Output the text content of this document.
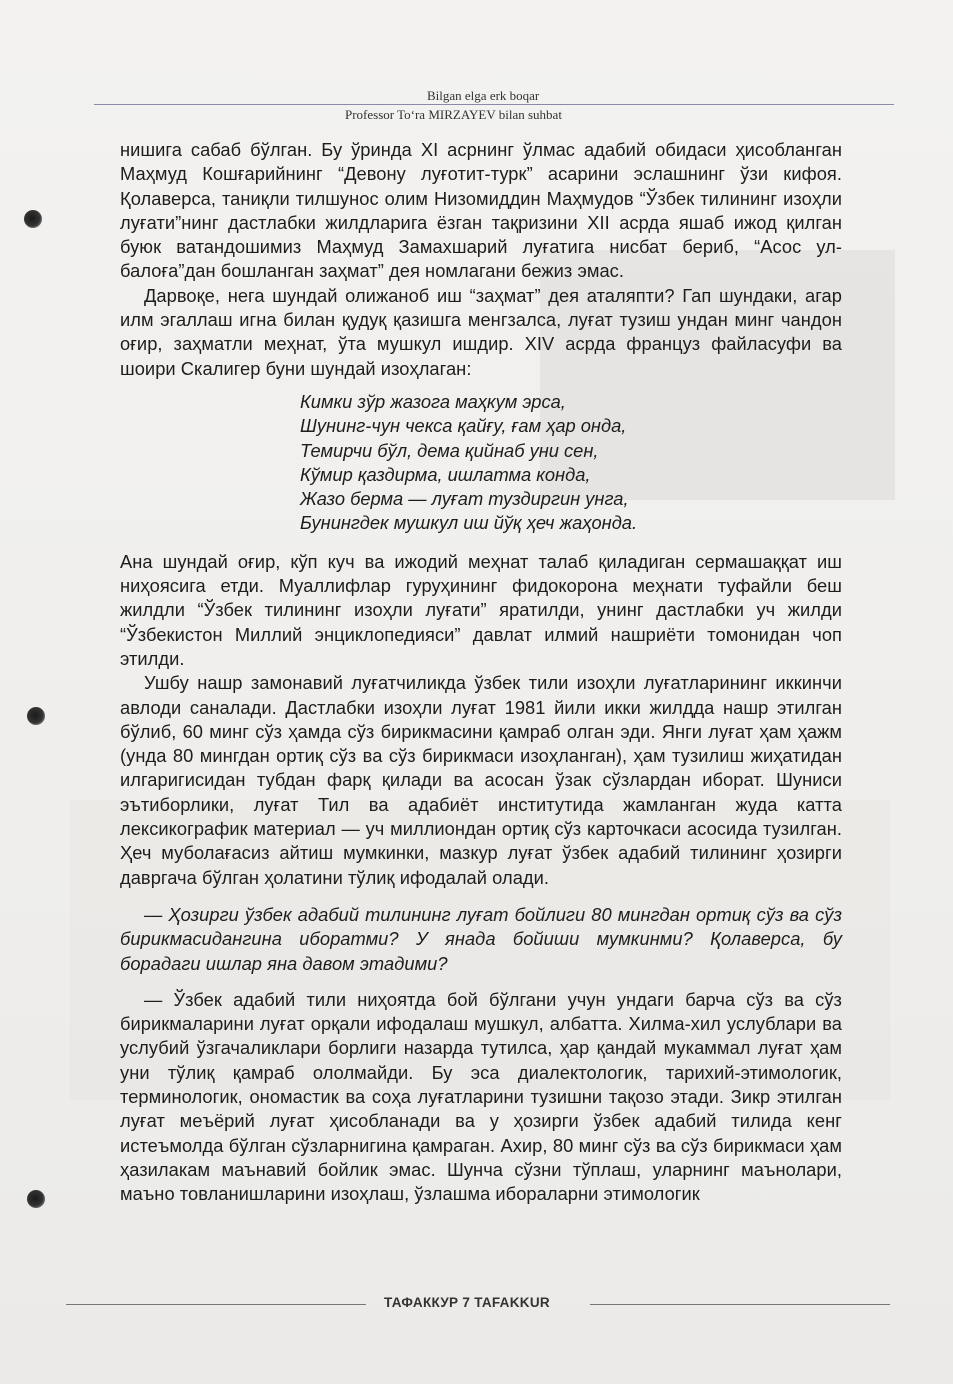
Bilgan elga erk boqar
Professor To‘ra MIRZAYEV bilan suhbat

нишига сабаб бўлган. Бу ўринда XI асрнинг ўлмас адабий обидаси ҳисобланган Маҳмуд Кошғарийнинг “Девону луғотит-турк” асарини эслашнинг ўзи кифоя. Қолаверса, таниқли тилшунос олим Низомиддин Маҳмудов “Ўзбек тилининг изоҳли луғати”нинг дастлабки жилдларига ёзган тақризини XII асрда яшаб ижод қилган буюк ватандошимиз Маҳмуд Замахшарий луғатига нисбат бериб, “Асос ул-балоға”дан бошланган заҳмат” дея номлагани бежиз эмас.

Дарвоқе, нега шундай олижаноб иш “заҳмат” дея аталяпти? Гап шундаки, агар илм эгаллаш игна билан қудуқ қазишга менгзалса, луғат тузиш ундан минг чандон оғир, заҳматли меҳнат, ўта мушкул ишдир. XIV асрда француз файласуфи ва шоири Скалигер буни шундай изоҳлаган:

Кимки зўр жазога маҳкум эрса,
Шунинг-чун чекса қайғу, ғам ҳар онда,
Темирчи бўл, дема қийнаб уни сен,
Кўмир қаздирма, ишлатма конда,
Жазо берма — луғат туздиргин унга,
Бунингдек мушкул иш йўқ ҳеч жаҳонда.

Ана шундай оғир, кўп куч ва ижодий меҳнат талаб қиладиган сермашаққат иш ниҳоясига етди. Муаллифлар гуруҳининг фидокорона меҳнати туфайли беш жилдли “Ўзбек тилининг изоҳли луғати” яратилди, унинг дастлабки уч жилди “Ўзбекистон Миллий энциклопедияси” давлат илмий нашриёти томонидан чоп этилди.

Ушбу нашр замонавий луғатчиликда ўзбек тили изоҳли луғатларининг иккинчи авлоди саналади. Дастлабки изоҳли луғат 1981 йили икки жилдда нашр этилган бўлиб, 60 минг сўз ҳамда сўз бирикмасини қамраб олган эди. Янги луғат ҳам ҳажм (унда 80 мингдан ортиқ сўз ва сўз бирикмаси изоҳланган), ҳам тузилиш жиҳатидан илгаригисидан тубдан фарқ қилади ва асосан ўзак сўзлардан иборат. Шуниси эътиборлики, луғат Тил ва адабиёт институтида жамланган жуда катта лексикографик материал — уч миллиондан ортиқ сўз карточкаси асосида тузилган. Ҳеч муболағасиз айтиш мумкинки, мазкур луғат ўзбек адабий тилининг ҳозирги давргача бўлган ҳолатини тўлиқ ифодалай олади.

— Ҳозирги ўзбек адабий тилининг луғат бойлиги 80 мингдан ортиқ сўз ва сўз бирикмасидангина иборатми? У янада бойиши мумкинми? Қолаверса, бу борадаги ишлар яна давом этадими?

— Ўзбек адабий тили ниҳоятда бой бўлгани учун ундаги барча сўз ва сўз бирикмаларини луғат орқали ифодалаш мушкул, албатта. Хилма-хил услублари ва услубий ўзгачаликлари борлиги назарда тутилса, ҳар қандай мукаммал луғат ҳам уни тўлиқ қамраб ололмайди. Бу эса диалектологик, тарихий-этимологик, терминологик, ономастик ва соҳа луғатларини тузишни тақозо этади. Зикр этилган луғат меъёрий луғат ҳисобланади ва у ҳозирги ўзбек адабий тилида кенг истеъмолда бўлган сўзларнигина қамраган. Ахир, 80 минг сўз ва сўз бирикмаси ҳам ҳазилакам маънавий бойлик эмас. Шунча сўзни тўплаш, уларнинг маънолари, маъно товланишларини изоҳлаш, ўзлашма иборaларни этимологик

ТАФАККУР 7 TAFAKKUR
